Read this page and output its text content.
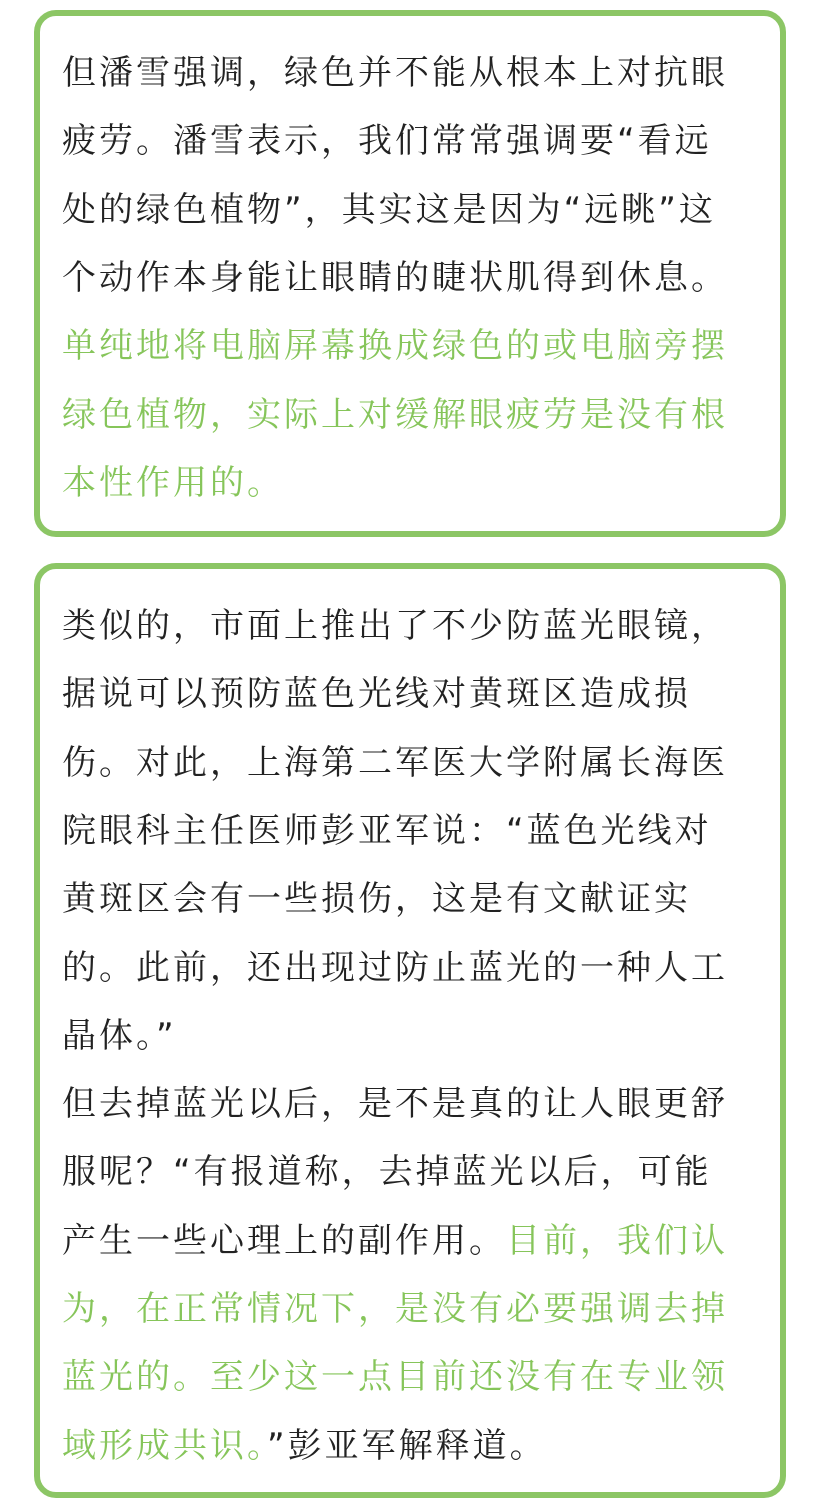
但潘雪强调，绿色并不能从根本上对抗眼
疲劳。潘雪表示，我们常常强调要“看远
处的绿色植物”，其实这是因为“远眺”这
个动作本身能让眼睛的睫状肌得到休息。
单纯地将电脑屏幕换成绿色的或电脑旁摆
绿色植物，实际上对缓解眼疲劳是没有根
本性作用的。
类似的，市面上推出了不少防蓝光眼镜，
据说可以预防蓝色光线对黄斑区造成损
伤。对此，上海第二军医大学附属长海医
院眼科主任医师彭亚军说：“蓝色光线对
黄斑区会有一些损伤，这是有文献证实
的。此前，还出现过防止蓝光的一种人工
晶体。”
但去掉蓝光以后，是不是真的让人眼更舒
服呢？“有报道称，去掉蓝光以后，可能
产生一些心理上的副作用。目前，我们认
为，在正常情况下，是没有必要强调去掉
蓝光的。至少这一点目前还没有在专业领
域形成共识。”彭亚军解释道。
